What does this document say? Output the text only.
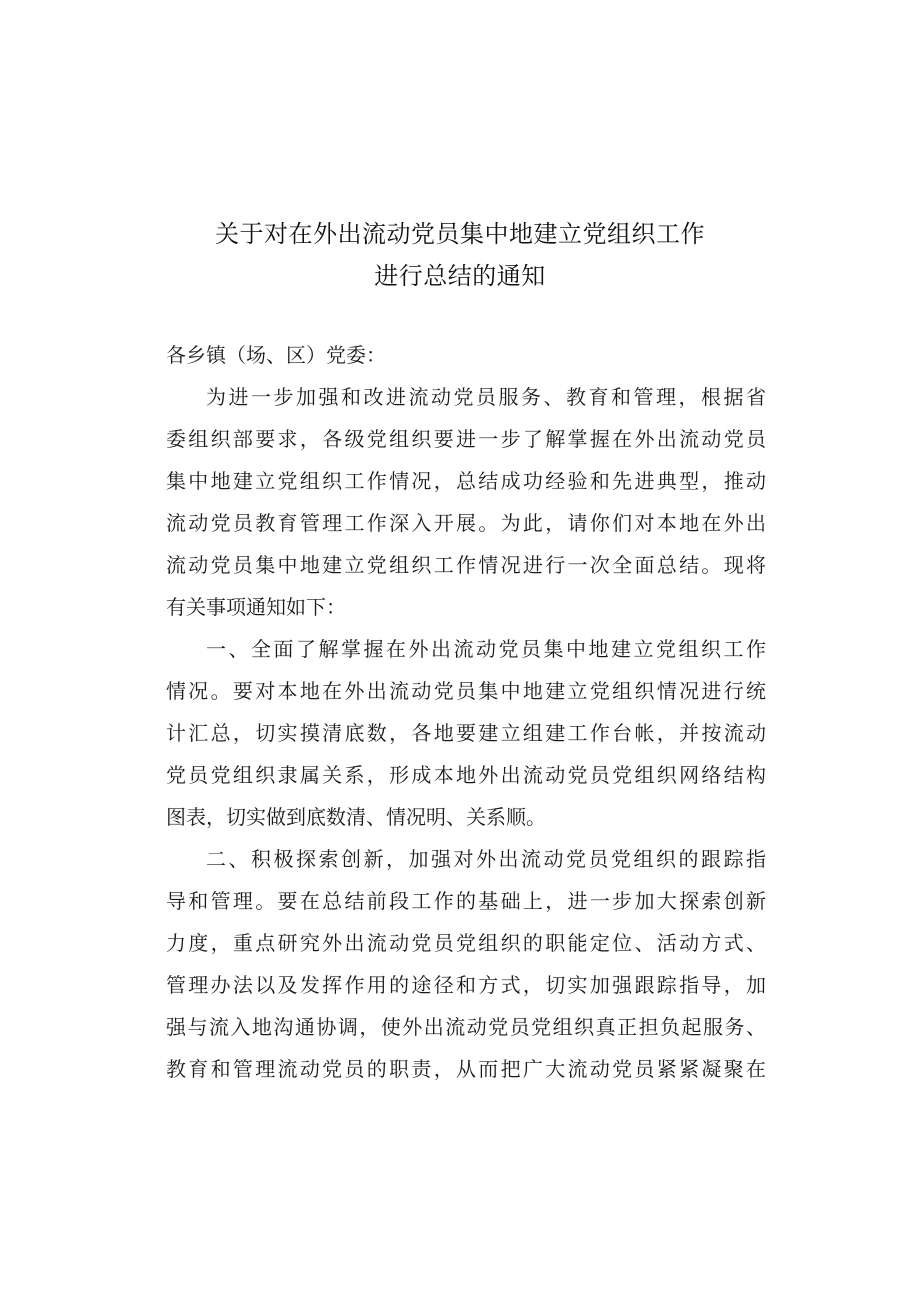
关于对在外出流动党员集中地建立党组织工作
进行总结的通知

各乡镇（场、区）党委：

为进一步加强和改进流动党员服务、教育和管理，根据省

委组织部要求，各级党组织要进一步了解掌握在外出流动党员

集中地建立党组织工作情况，总结成功经验和先进典型，推动

流动党员教育管理工作深入开展。为此，请你们对本地在外出

流动党员集中地建立党组织工作情况进行一次全面总结。现将

有关事项通知如下：

一、全面了解掌握在外出流动党员集中地建立党组织工作

情况。要对本地在外出流动党员集中地建立党组织情况进行统

计汇总，切实摸清底数，各地要建立组建工作台帐，并按流动

党员党组织隶属关系，形成本地外出流动党员党组织网络结构

图表，切实做到底数清、情况明、关系顺。

二、积极探索创新，加强对外出流动党员党组织的跟踪指

导和管理。要在总结前段工作的基础上，进一步加大探索创新

力度，重点研究外出流动党员党组织的职能定位、活动方式、

管理办法以及发挥作用的途径和方式，切实加强跟踪指导，加

强与流入地沟通协调，使外出流动党员党组织真正担负起服务、

教育和管理流动党员的职责，从而把广大流动党员紧紧凝聚在
